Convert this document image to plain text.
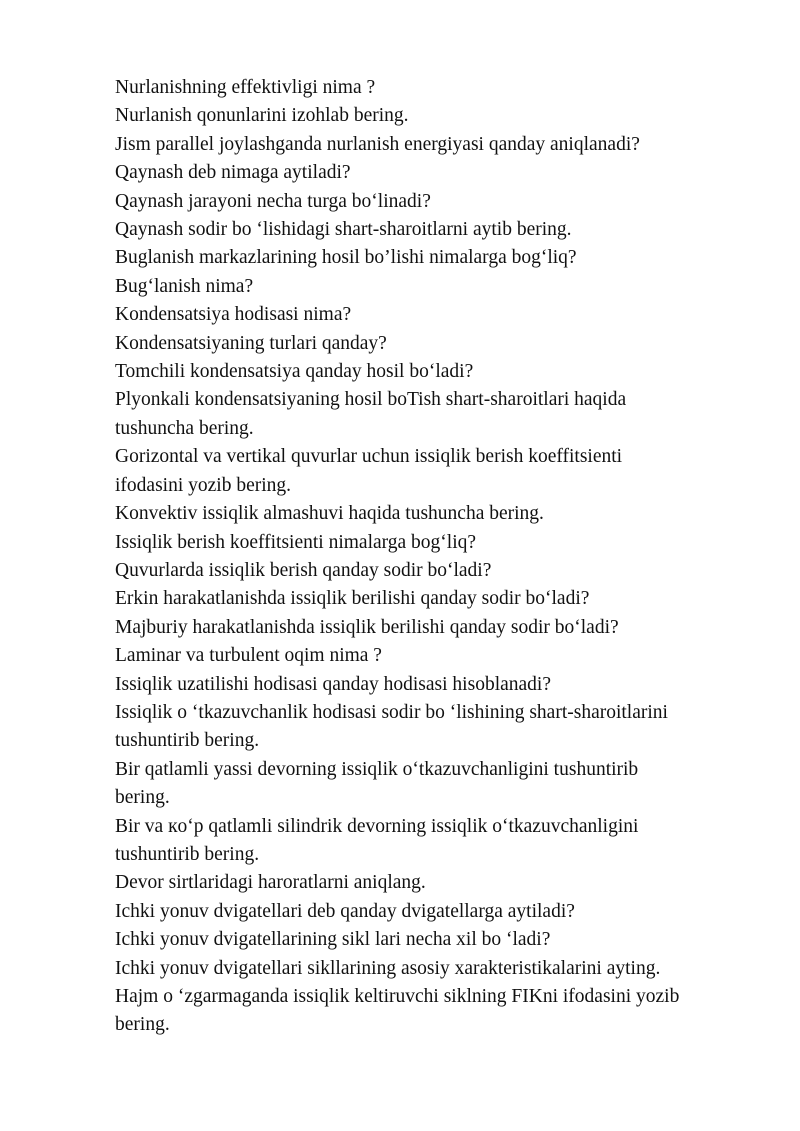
Nurlanishning effektivligi nima ?
Nurlanish qonunlarini izohlab bering.
Jism parallel joylashganda nurlanish energiyasi qanday aniqlanadi?
Qaynash deb nimaga aytiladi?
Qaynash jarayoni necha turga boʻlinadi?
Qaynash sodir bo ʻlishidagi shart-sharoitlarni aytib bering.
Buglanish markazlarining hosil bo’lishi nimalarga bogʻliq?
Bugʻlanish nima?
Kondensatsiya hodisasi nima?
Kondensatsiyaning turlari qanday?
Tomchili kondensatsiya qanday hosil boʻladi?
Plyonkali kondensatsiyaning hosil boTish shart-sharoitlari haqida
tushuncha bering.
Gorizontal va vertikal quvurlar uchun issiqlik berish koeffitsienti
ifodasini yozib bering.
Konvektiv issiqlik almashuvi haqida tushuncha bering.
Issiqlik berish koeffitsienti nimalarga bogʻliq?
Quvurlarda issiqlik berish qanday sodir boʻladi?
Erkin harakatlanishda issiqlik berilishi qanday sodir boʻladi?
Majburiy harakatlanishda issiqlik berilishi qanday sodir boʻladi?
Laminar va turbulent oqim nima ?
Issiqlik uzatilishi hodisasi qanday hodisasi hisoblanadi?
Issiqlik o ʻtkazuvchanlik hodisasi sodir bo ʻlishining shart-sharoitlarini
tushuntirib bering.
Bir qatlamli yassi devorning issiqlik oʻtkazuvchanligini tushuntirib
bering.
Bir va кoʻp qatlamli silindrik devorning issiqlik oʻtkazuvchanligini
tushuntirib bering.
Devor sirtlaridagi haroratlarni aniqlang.
Ichki yonuv dvigatellari deb qanday dvigatellarga aytiladi?
Ichki yonuv dvigatellarining sikl lari necha xil bo ʻladi?
Ichki yonuv dvigatellari sikllarining asosiy xarakteristikalarini ayting.
Hajm o ʻzgarmaganda issiqlik keltiruvchi siklning FIKni ifodasini yozib
bering.
